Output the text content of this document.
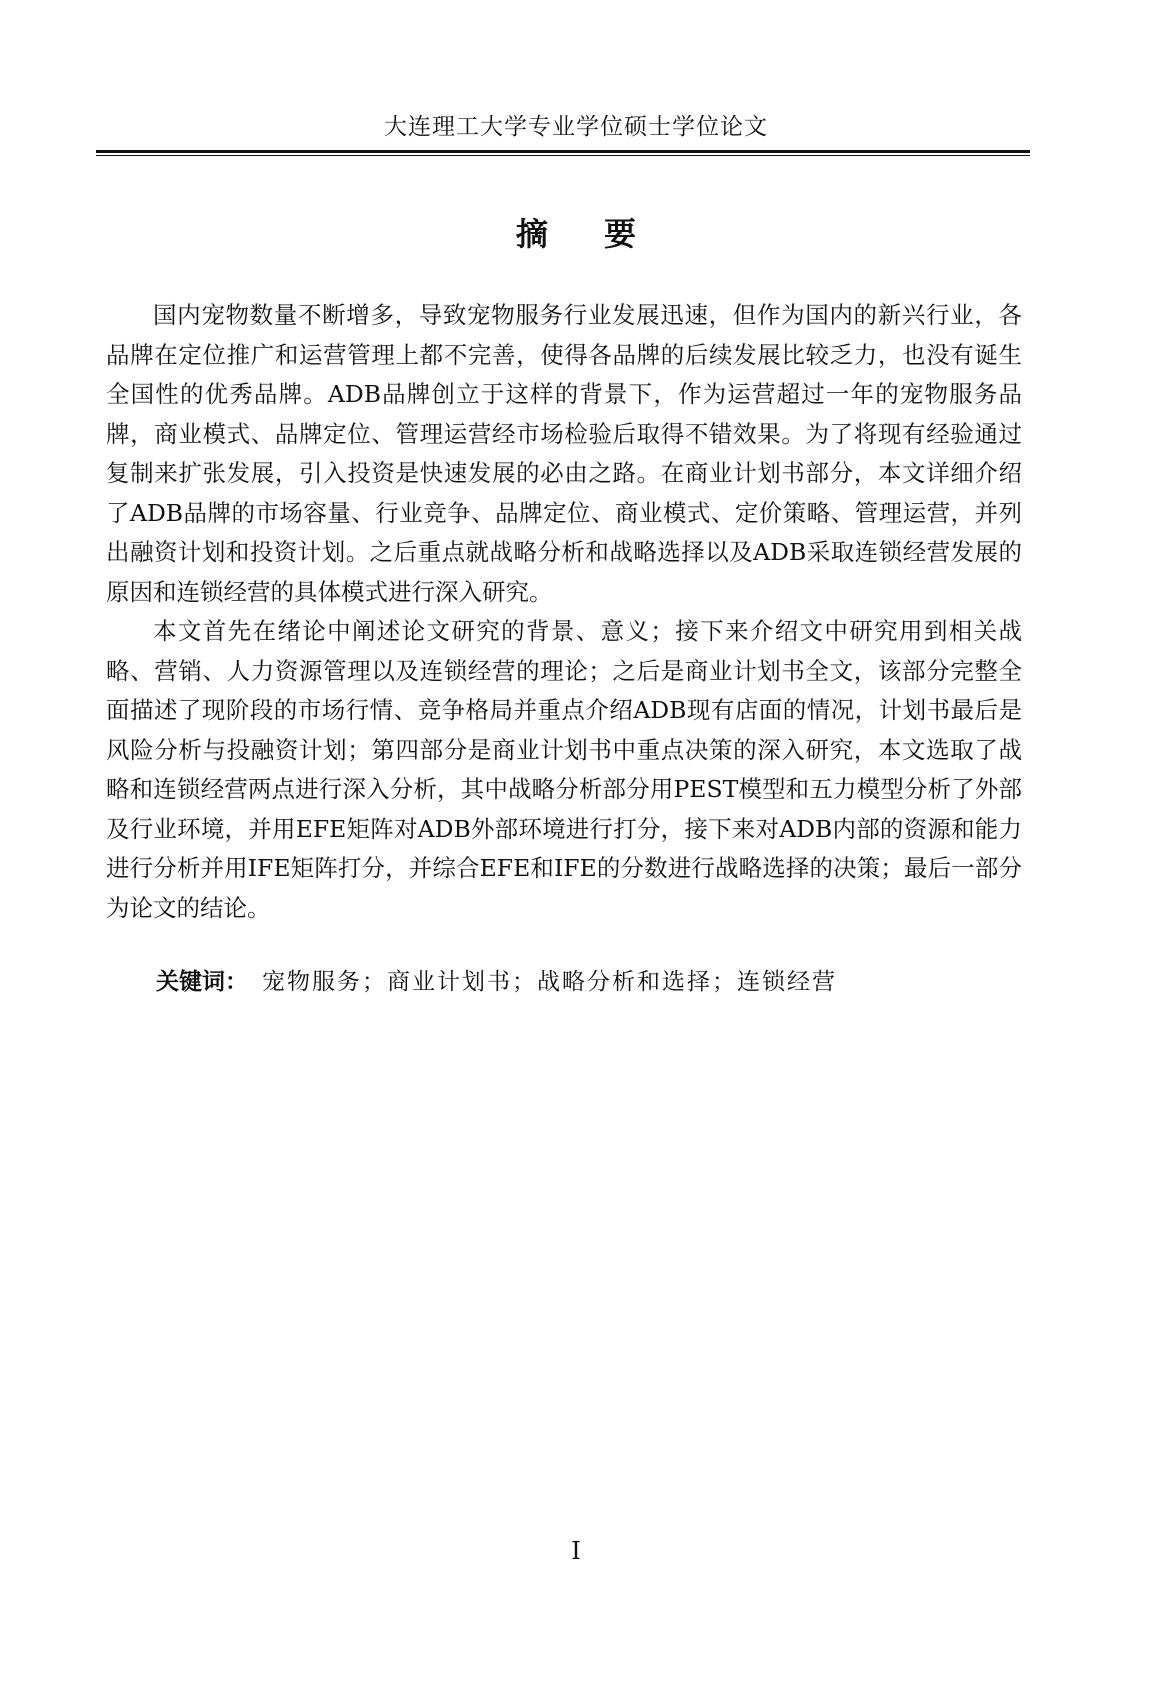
大连理工大学专业学位硕士学位论文
摘要

国内宠物数量不断增多，导致宠物服务行业发展迅速，但作为国内的新兴行业，各品牌在定位推广和运营管理上都不完善，使得各品牌的后续发展比较乏力，也没有诞生全国性的优秀品牌。ADB品牌创立于这样的背景下，作为运营超过一年的宠物服务品牌，商业模式、品牌定位、管理运营经市场检验后取得不错效果。为了将现有经验通过复制来扩张发展，引入投资是快速发展的必由之路。在商业计划书部分，本文详细介绍了ADB品牌的市场容量、行业竞争、品牌定位、商业模式、定价策略、管理运营，并列出融资计划和投资计划。之后重点就战略分析和战略选择以及ADB采取连锁经营发展的原因和连锁经营的具体模式进行深入研究。

本文首先在绪论中阐述论文研究的背景、意义；接下来介绍文中研究用到相关战略、营销、人力资源管理以及连锁经营的理论；之后是商业计划书全文，该部分完整全面描述了现阶段的市场行情、竞争格局并重点介绍ADB现有店面的情况，计划书最后是风险分析与投融资计划；第四部分是商业计划书中重点决策的深入研究，本文选取了战略和连锁经营两点进行深入分析，其中战略分析部分用PEST模型和五力模型分析了外部及行业环境，并用EFE矩阵对ADB外部环境进行打分，接下来对ADB内部的资源和能力进行分析并用IFE矩阵打分，并综合EFE和IFE的分数进行战略选择的决策；最后一部分为论文的结论。

关键词： 宠物服务；商业计划书；战略分析和选择；连锁经营
I
